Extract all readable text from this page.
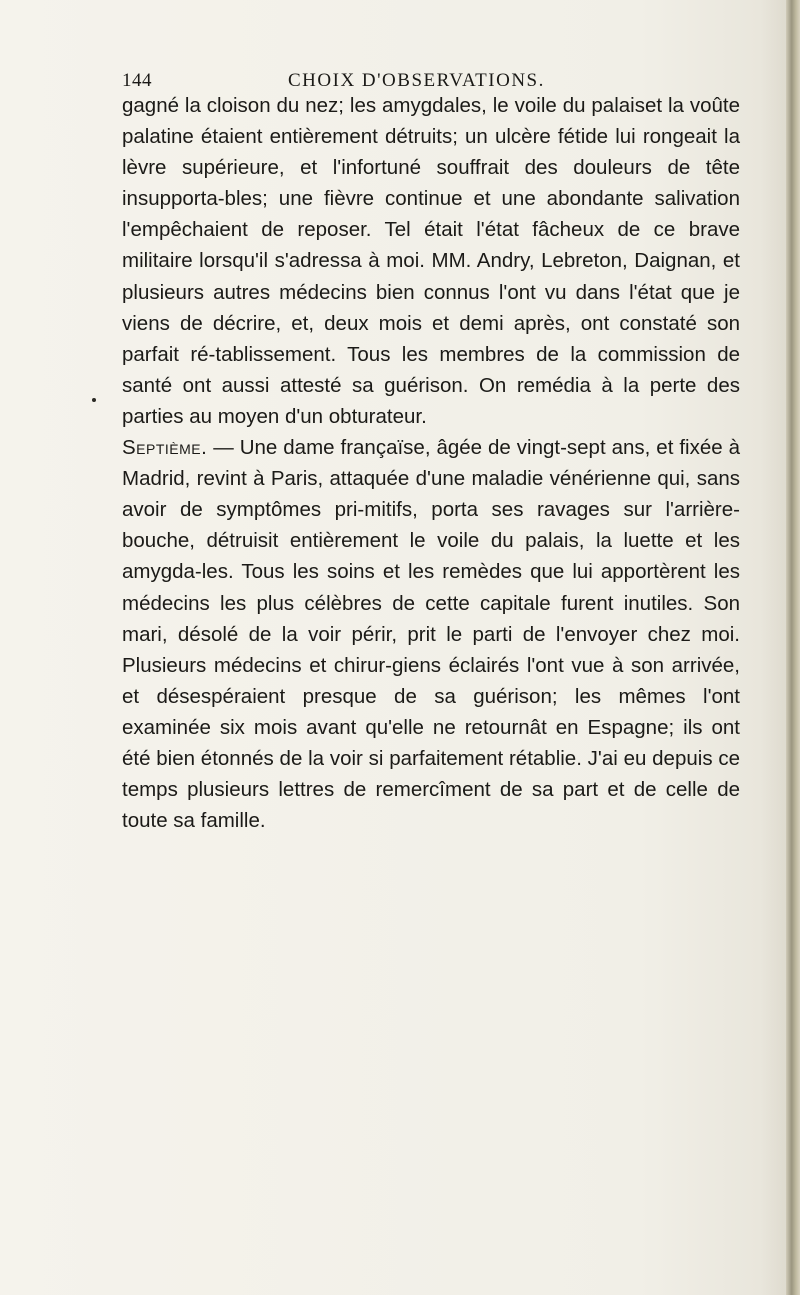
144	CHOIX D'OBSERVATIONS.

gagné la cloison du nez; les amygdales, le voile du palaiset la voûte palatine étaient entièrement détruits; un ulcère fétide lui rongeait la lèvre supérieure, et l'infortuné souffrait des douleurs de tête insupporta-bles; une fièvre continue et une abondante salivation l'empêchaient de reposer. Tel était l'état fâcheux de ce brave militaire lorsqu'il s'adressa à moi. MM. Andry, Lebreton, Daignan, et plusieurs autres médecins bien connus l'ont vu dans l'état que je viens de décrire, et, deux mois et demi après, ont constaté son parfait ré-tablissement. Tous les membres de la commission de santé ont aussi attesté sa guérison. On remédia à la perte des parties au moyen d'un obturateur.

Septième. — Une dame françaïse, âgée de vingt-sept ans, et fixée à Madrid, revint à Paris, attaquée d'une maladie vénérienne qui, sans avoir de symptômes pri-mitifs, porta ses ravages sur l'arrière-bouche, détruisit entièrement le voile du palais, la luette et les amygda-les. Tous les soins et les remèdes que lui apportèrent les médecins les plus célèbres de cette capitale furent inutiles. Son mari, désolé de la voir périr, prit le parti de l'envoyer chez moi. Plusieurs médecins et chirur-giens éclairés l'ont vue à son arrivée, et désespéraient presque de sa guérison; les mêmes l'ont examinée six mois avant qu'elle ne retournât en Espagne; ils ont été bien étonnés de la voir si parfaitement rétablie. J'ai eu depuis ce temps plusieurs lettres de remercîment de sa part et de celle de toute sa famille.
